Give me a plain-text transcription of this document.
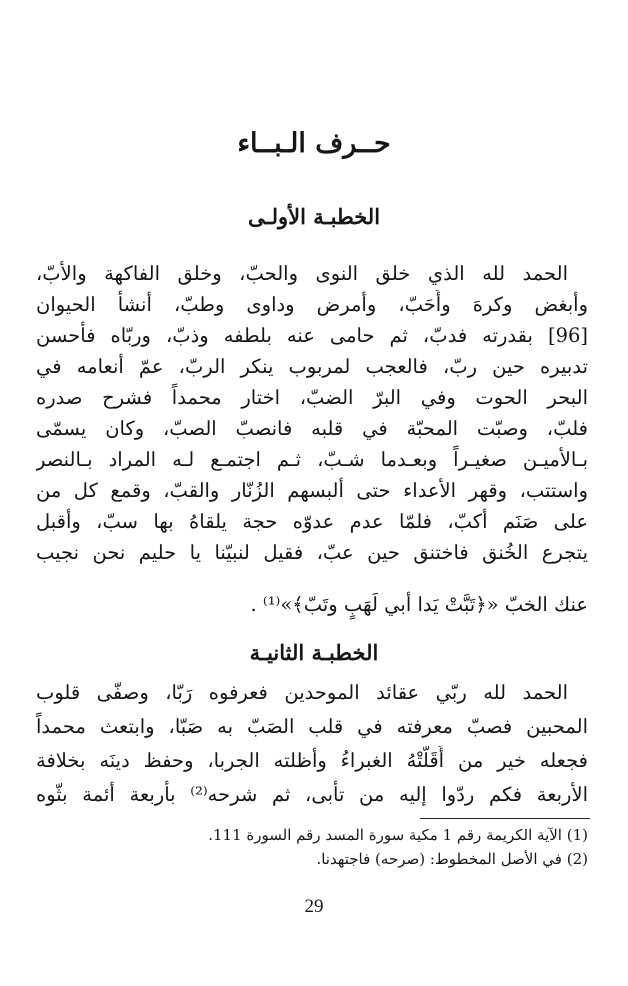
حــرف الـبــاء
الخطبـة الأولـى
الحمد لله الذي خلق النوى والحبّ، وخلق الفاكهة والأبّ،
وأبغض وكرهَ وأَحَبّ، وأمرض وداوى وطبّ، أنشأ الحيوان
[96] بقدرته فدبّ، ثم حامى عنه بلطفه وذبّ، وربّاه فأحسن
تدبيره حين ربّ، فالعجب لمربوب ينكر الربّ، عمّ أنعامه في
البحر الحوت وفي البرّ الضبّ، اختار محمداً فشرح صدره
فلبّ، وصبّت المحبّة في قلبه فانصبّ الصبّ، وكان يسمّى
بـالأميـن صغيـراً وبعـدما شـبّ، ثـم اجتمـع لـه المراد بـالنصر
واستتب، وقهر الأعداء حتى ألبسهم الزُنّار والقبّ، وقمع كل من
على صَنَم أكبّ، فلمّا عدم عدوّه حجة يلقاهُ بها سبّ، وأقبل
يتجرع الخُنق فاختنق حين عبّ، فقيل لنبيّنا يا حليم نحن نجيب
عنك الخبّ «﴿تَبَّتْ يَدا أبي لَهَبٍ وتَبّ﴾»⁽¹⁾ .
الخطبـة الثانيـة
الحمد لله ربّي عقائد الموحدين فعرفوه رَبّا، وصفّى قلوب
المحبين فصبّ معرفته في قلب الصَبّ به صَبّا، وابتعث محمداً
فجعله خير من أَقَلّتْهُ الغبراءُ وأظلته الجربا، وحفظ دينَه بخلافة
الأربعة فكم ردّوا إليه من تأبى، ثم شرحه⁽²⁾ بأربعة أئمة بثّوه
(1) الآية الكريمة رقم 1 مكية سورة المسد رقم السورة 111.
(2) في الأصل المخطوط: (صرحه) فاجتهدنا.
29
